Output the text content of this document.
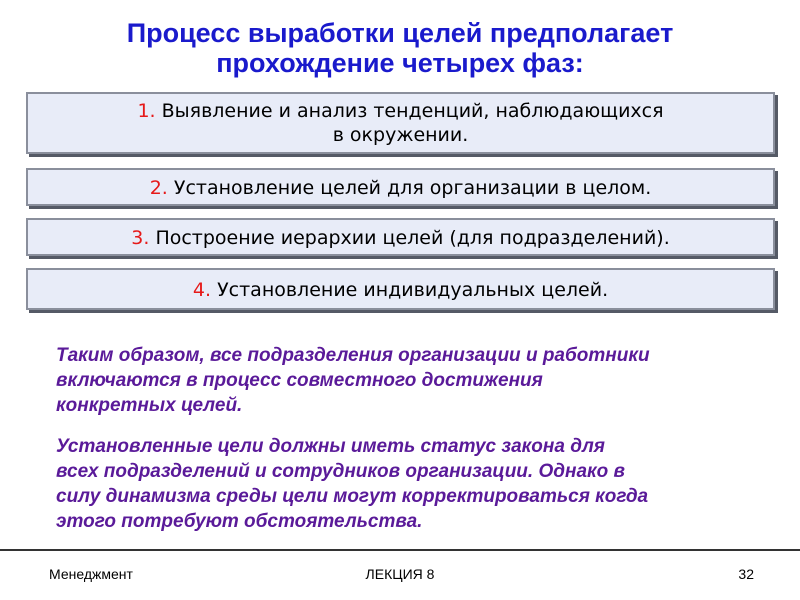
Процесс выработки целей предполагает
прохождение четырех фаз:
1. Выявление и анализ тенденций, наблюдающихся
в окружении.
2. Установление целей для организации в целом.
3. Построение иерархии целей (для подразделений).
4. Установление индивидуальных целей.
Таким образом, все подразделения организации и работники
включаются в процесс совместного достижения
конкретных целей.
Установленные цели должны иметь статус закона для
всех подразделений и сотрудников организации. Однако в
силу динамизма среды цели могут корректироваться когда
этого потребуют обстоятельства.
Менеджмент	ЛЕКЦИЯ 8	32
